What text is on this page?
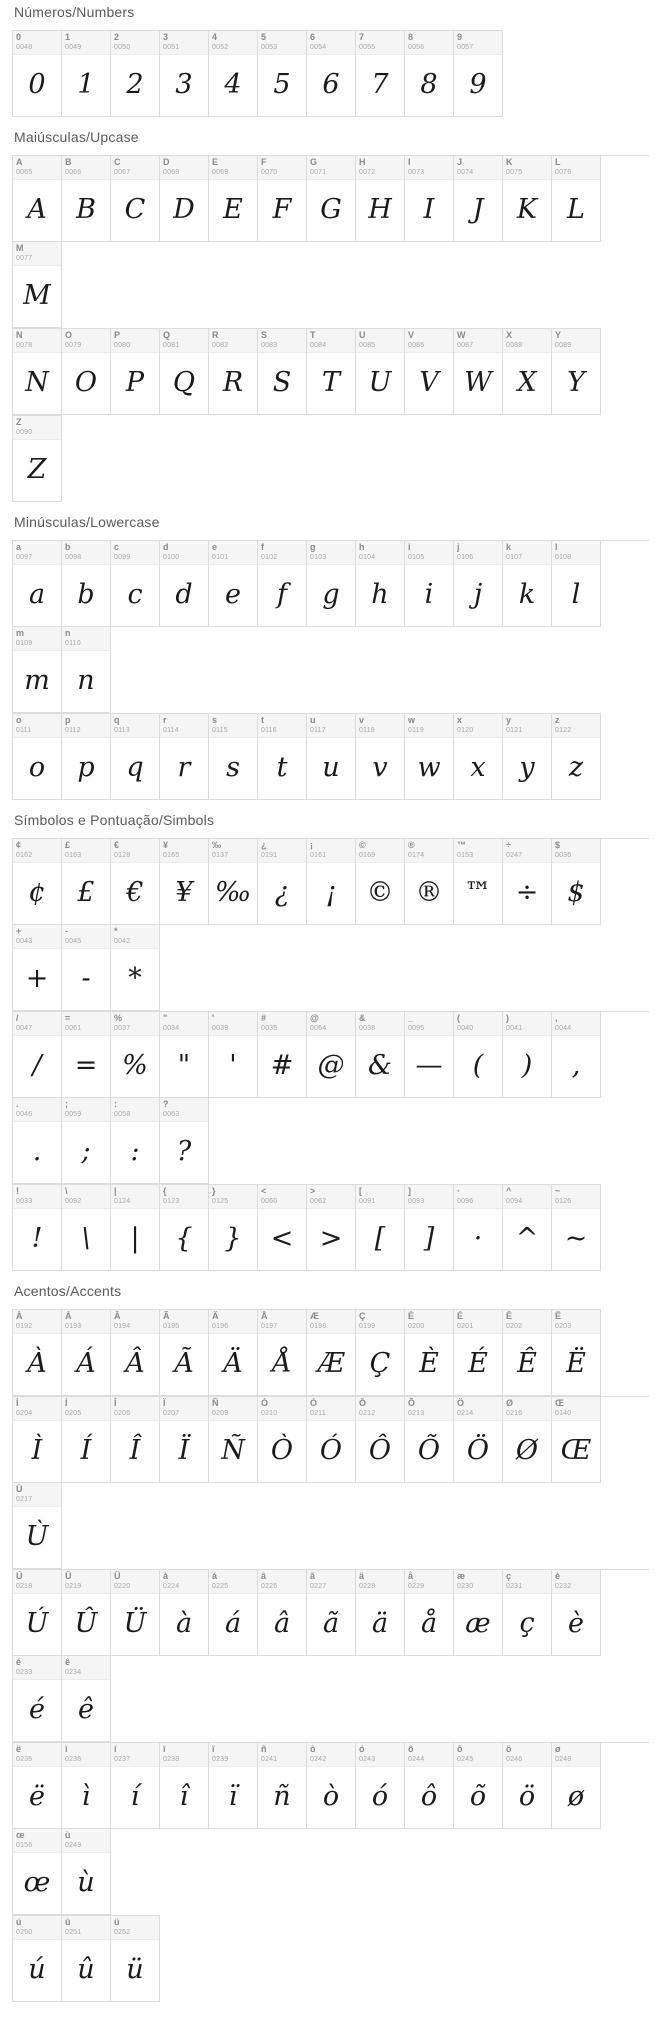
Números/Numbers
0
0048
0
1
0049
1
2
0050
2
3
0051
3
4
0052
4
5
0053
5
6
0054
6
7
0055
7
8
0056
8
9
0057
9
Maiúsculas/Upcase
A
0065
A
B
0066
B
C
0067
C
D
0068
D
E
0069
E
F
0070
F
G
0071
G
H
0072
H
I
0073
I
J
0074
J
K
0075
K
L
0076
L
M
0077
M
N
0078
N
O
0079
O
P
0080
P
Q
0081
Q
R
0082
R
S
0083
S
T
0084
T
U
0085
U
V
0086
V
W
0087
W
X
0088
X
Y
0089
Y
Z
0090
Z
Minúsculas/Lowercase
a
0097
a
b
0098
b
c
0099
c
d
0100
d
e
0101
e
f
0102
f
g
0103
g
h
0104
h
i
0105
i
j
0106
j
k
0107
k
l
0108
l
m
0109
m
n
0110
n
o
0111
o
p
0112
p
q
0113
q
r
0114
r
s
0115
s
t
0116
t
u
0117
u
v
0118
v
w
0119
w
x
0120
x
y
0121
y
z
0122
z
Símbolos e Pontuação/Simbols
¢
0162
¢
£
0163
£
€
0128
€
¥
0165
¥
‰
0137
‰
¿
0191
¿
¡
0161
¡
©
0169
©
®
0174
®
™
0153
™
÷
0247
÷
$
0036
$
+
0043
+
-
0045
-
*
0042
*
/
0047
/
=
0061
=
%
0037
%
"
0034
"
'
0039
'
#
0035
#
@
0064
@
&
0038
&
_
0095
—
(
0040
(
)
0041
)
,
0044
,
.
0046
.
;
0059
;
:
0058
:
?
0063
?
!
0033
!
\
0092
\
|
0124
|
{
0123
{
}
0125
}
<
0060
<
>
0062
>
[
0091
[
]
0093
]
·
0096
·
^
0094
^
~
0126
~
Acentos/Accents
À
0192
À
Á
0193
Á
Â
0194
Â
Ã
0195
Ã
Ä
0196
Ä
Å
0197
Å
Æ
0198
Æ
Ç
0199
Ç
È
0200
È
É
0201
É
Ê
0202
Ê
Ë
0203
Ë
Ì
0204
Ì
Í
0205
Í
Î
0206
Î
Ï
0207
Ï
Ñ
0209
Ñ
Ò
0210
Ò
Ó
0211
Ó
Ô
0212
Ô
Õ
0213
Õ
Ö
0214
Ö
Ø
0216
Ø
Œ
0140
Œ
Ù
0217
Ù
Ú
0218
Ú
Û
0219
Û
Ü
0220
Ü
à
0224
à
á
0225
á
â
0226
â
ã
0227
ã
ä
0228
ä
å
0229
å
æ
0230
æ
ç
0231
ç
è
0232
è
é
0233
é
ê
0234
ê
ë
0235
ë
ì
0236
ì
í
0237
í
î
0238
î
ï
0239
ï
ñ
0241
ñ
ò
0242
ò
ó
0243
ó
ô
0244
ô
õ
0245
õ
ö
0246
ö
ø
0248
ø
œ
0156
œ
ù
0249
ù
ú
0250
ú
û
0251
û
ü
0252
ü
